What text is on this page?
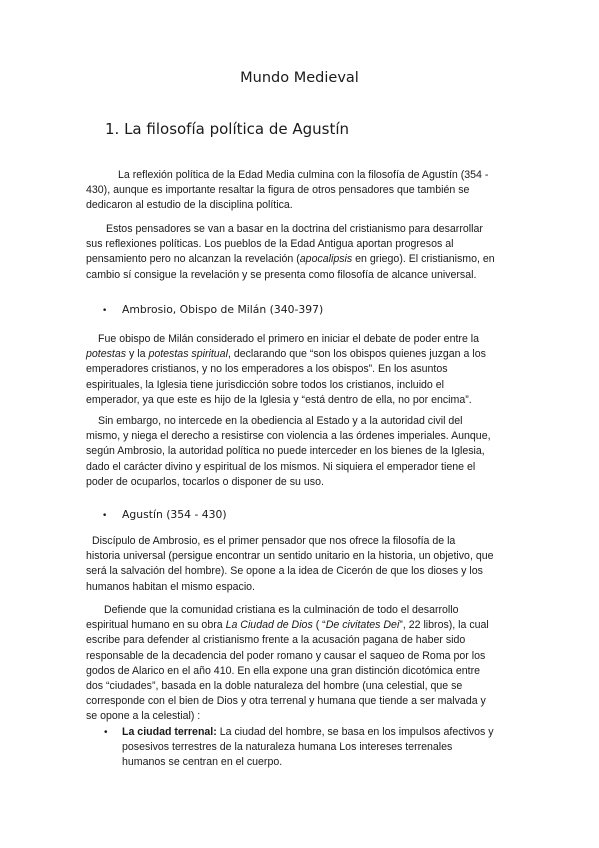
Mundo Medieval
1. La filosofía política de Agustín
La reflexión política de la Edad Media culmina con la filosofía de Agustín (354 -
430), aunque es importante resaltar la figura de otros pensadores que también se
dedicaron al estudio de la disciplina política.
Estos pensadores se van a basar en la doctrina del cristianismo para desarrollar
sus reflexiones políticas. Los pueblos de la Edad Antigua aportan progresos al
pensamiento pero no alcanzan la revelación (apocalipsis en griego). El cristianismo, en
cambio sí consigue la revelación y se presenta como filosofía de alcance universal.
• Ambrosio, Obispo de Milán (340-397)
Fue obispo de Milán considerado el primero en iniciar el debate de poder entre la
potestas y la potestas spiritual, declarando que “son los obispos quienes juzgan a los
emperadores cristianos, y no los emperadores a los obispos”. En los asuntos
espirituales, la Iglesia tiene jurisdicción sobre todos los cristianos, incluido el
emperador, ya que este es hijo de la Iglesia y “está dentro de ella, no por encima”.
Sin embargo, no intercede en la obediencia al Estado y a la autoridad civil del
mismo, y niega el derecho a resistirse con violencia a las órdenes imperiales. Aunque,
según Ambrosio, la autoridad política no puede interceder en los bienes de la Iglesia,
dado el carácter divino y espiritual de los mismos. Ni siquiera el emperador tiene el
poder de ocuparlos, tocarlos o disponer de su uso.
• Agustín (354 - 430)
Discípulo de Ambrosio, es el primer pensador que nos ofrece la filosofía de la
historia universal (persigue encontrar un sentido unitario en la historia, un objetivo, que
será la salvación del hombre). Se opone a la idea de Cicerón de que los dioses y los
humanos habitan el mismo espacio.
Defiende que la comunidad cristiana es la culminación de todo el desarrollo
espiritual humano en su obra La Ciudad de Dios ( “De civitates Dei”, 22 libros), la cual
escribe para defender al cristianismo frente a la acusación pagana de haber sido
responsable de la decadencia del poder romano y causar el saqueo de Roma por los
godos de Alarico en el año 410. En ella expone una gran distinción dicotómica entre
dos “ciudades”, basada en la doble naturaleza del hombre (una celestial, que se
corresponde con el bien de Dios y otra terrenal y humana que tiende a ser malvada y
se opone a la celestial) :
• La ciudad terrenal: La ciudad del hombre, se basa en los impulsos afectivos y
posesivos terrestres de la naturaleza humana Los intereses terrenales
humanos se centran en el cuerpo.
